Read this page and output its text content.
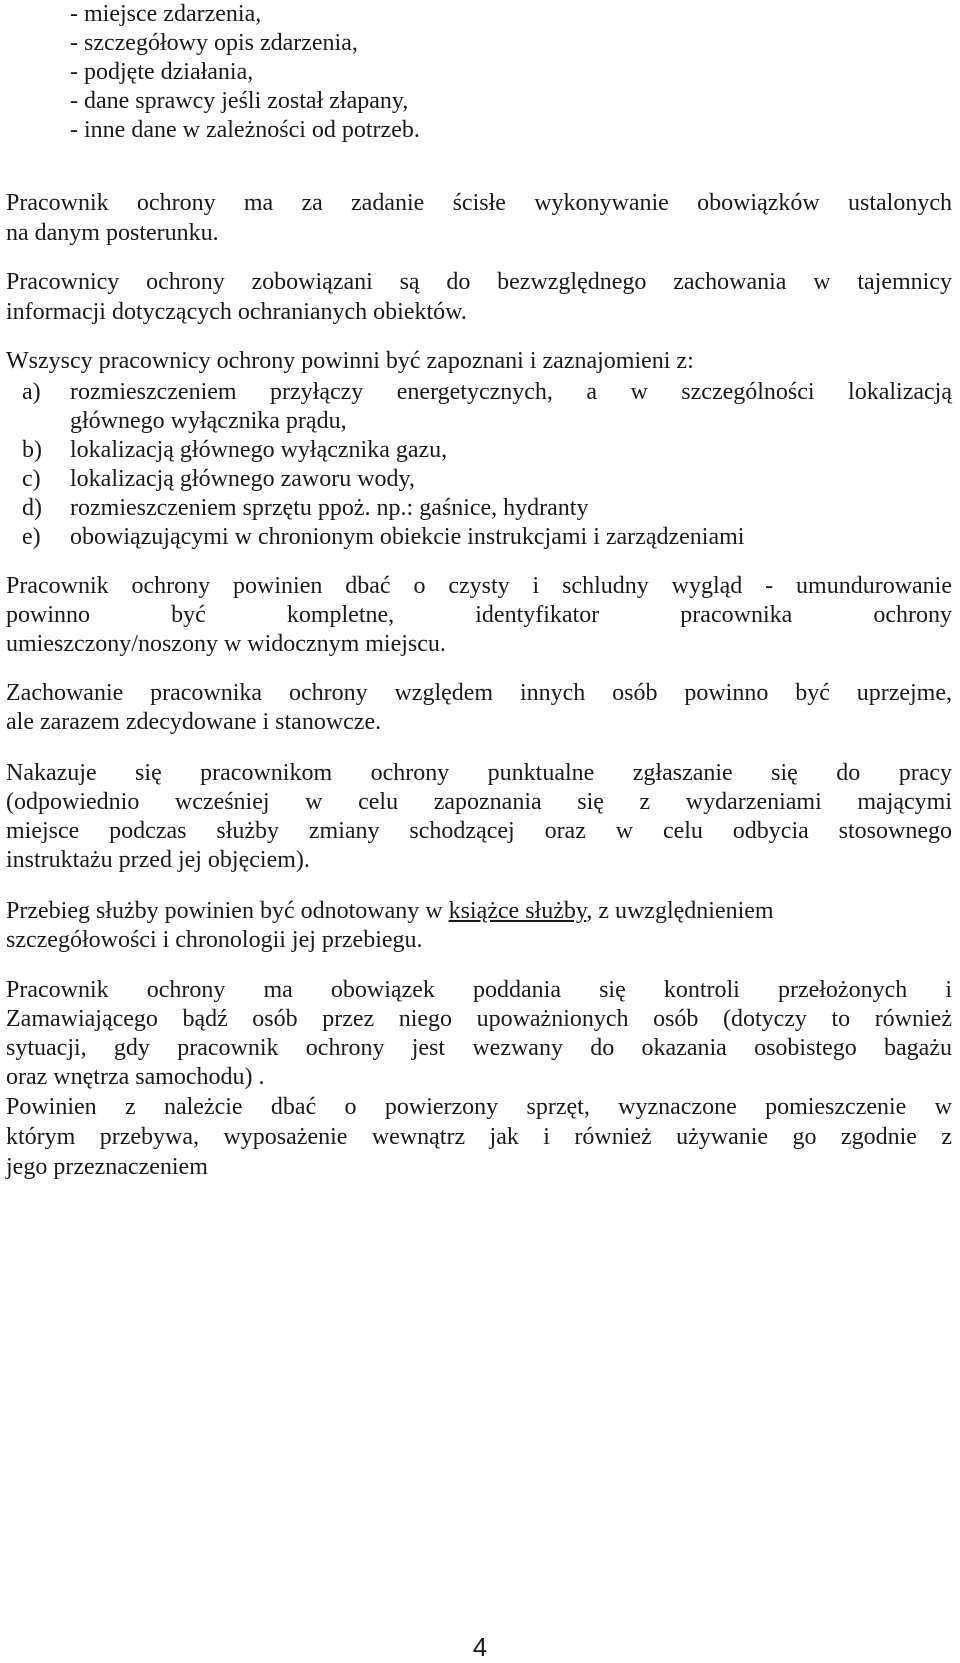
- miejsce zdarzenia,
- szczegółowy opis zdarzenia,
- podjęte działania,
- dane sprawcy jeśli został złapany,
- inne dane w zależności od potrzeb.
Pracownik ochrony ma za zadanie ścisłe wykonywanie obowiązków ustalonych
na danym posterunku.
Pracownicy ochrony zobowiązani są do bezwzględnego zachowania w tajemnicy
informacji dotyczących ochranianych obiektów.
Wszyscy pracownicy ochrony powinni być zapoznani i zaznajomieni z:
a) rozmieszczeniem przyłączy energetycznych, a w szczególności lokalizacją
głównego wyłącznika prądu,
b) lokalizacją głównego wyłącznika gazu,
c) lokalizacją głównego zaworu wody,
d) rozmieszczeniem sprzętu ppoż. np.: gaśnice, hydranty
e) obowiązującymi w chronionym obiekcie instrukcjami i zarządzeniami
Pracownik ochrony powinien dbać o czysty i schludny wygląd - umundurowanie
powinno być kompletne, identyfikator pracownika ochrony
umieszczony/noszony w widocznym miejscu.
Zachowanie pracownika ochrony względem innych osób powinno być uprzejme,
ale zarazem zdecydowane i stanowcze.
Nakazuje się pracownikom ochrony punktualne zgłaszanie się do pracy
(odpowiednio wcześniej w celu zapoznania się z wydarzeniami mającymi
miejsce podczas służby zmiany schodzącej oraz w celu odbycia stosownego
instruktażu przed jej objęciem).
Przebieg służby powinien być odnotowany w książce służby, z uwzględnieniem
szczegółowości i chronologii jej przebiegu.
Pracownik ochrony ma obowiązek poddania się kontroli przełożonych i
Zamawiającego bądź osób przez niego upoważnionych osób (dotyczy to również
sytuacji, gdy pracownik ochrony jest wezwany do okazania osobistego bagażu
oraz wnętrza samochodu) .
Powinien z należcie dbać o powierzony sprzęt, wyznaczone pomieszczenie w
którym przebywa, wyposażenie wewnątrz jak i również używanie go zgodnie z
jego przeznaczeniem
4
